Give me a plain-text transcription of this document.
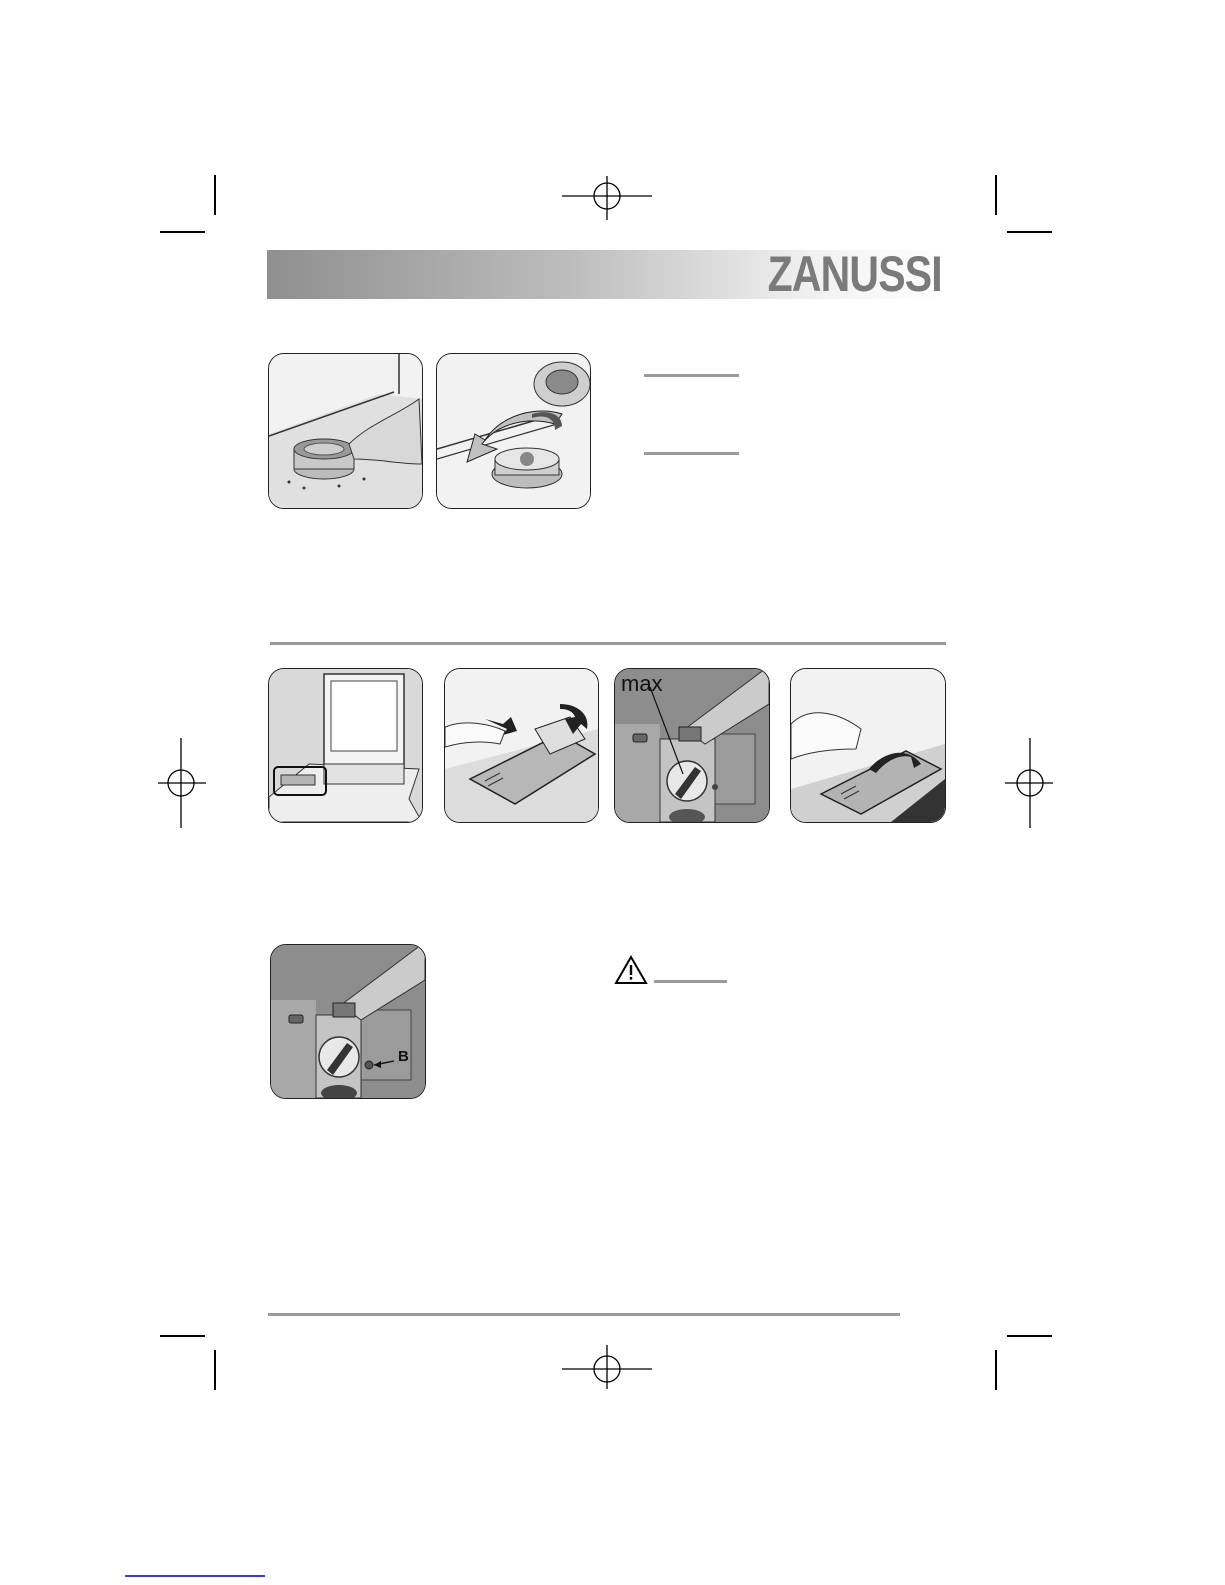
ZANUSSI
max
B
